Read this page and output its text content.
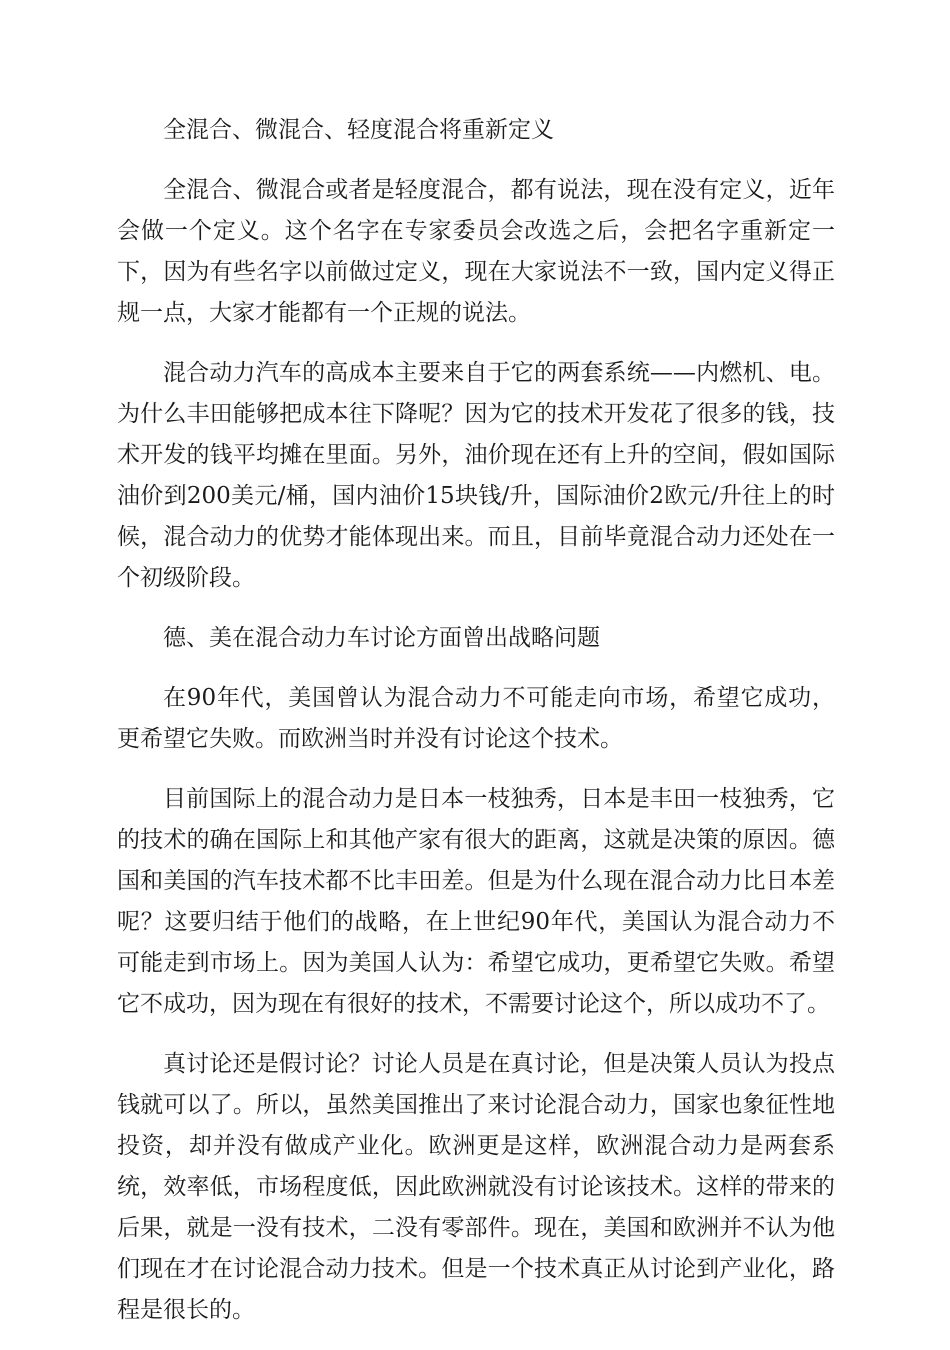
全混合、微混合、轻度混合将重新定义

全混合、微混合或者是轻度混合，都有说法，现在没有定义，近年会做一个定义。这个名字在专家委员会改选之后，会把名字重新定一下，因为有些名字以前做过定义，现在大家说法不一致，国内定义得正规一点，大家才能都有一个正规的说法。

混合动力汽车的高成本主要来自于它的两套系统——内燃机、电。为什么丰田能够把成本往下降呢？因为它的技术开发花了很多的钱，技术开发的钱平均摊在里面。另外，油价现在还有上升的空间，假如国际油价到200美元/桶，国内油价15块钱/升，国际油价2欧元/升往上的时候，混合动力的优势才能体现出来。而且，目前毕竟混合动力还处在一个初级阶段。

德、美在混合动力车讨论方面曾出战略问题

在90年代，美国曾认为混合动力不可能走向市场，希望它成功，更希望它失败。而欧洲当时并没有讨论这个技术。

目前国际上的混合动力是日本一枝独秀，日本是丰田一枝独秀，它的技术的确在国际上和其他产家有很大的距离，这就是决策的原因。德国和美国的汽车技术都不比丰田差。但是为什么现在混合动力比日本差呢？这要归结于他们的战略，在上世纪90年代，美国认为混合动力不可能走到市场上。因为美国人认为：希望它成功，更希望它失败。希望它不成功，因为现在有很好的技术，不需要讨论这个，所以成功不了。

真讨论还是假讨论？讨论人员是在真讨论，但是决策人员认为投点钱就可以了。所以，虽然美国推出了来讨论混合动力，国家也象征性地投资，却并没有做成产业化。欧洲更是这样，欧洲混合动力是两套系统，效率低，市场程度低，因此欧洲就没有讨论该技术。这样的带来的后果，就是一没有技术，二没有零部件。现在，美国和欧洲并不认为他们现在才在讨论混合动力技术。但是一个技术真正从讨论到产业化，路程是很长的。
